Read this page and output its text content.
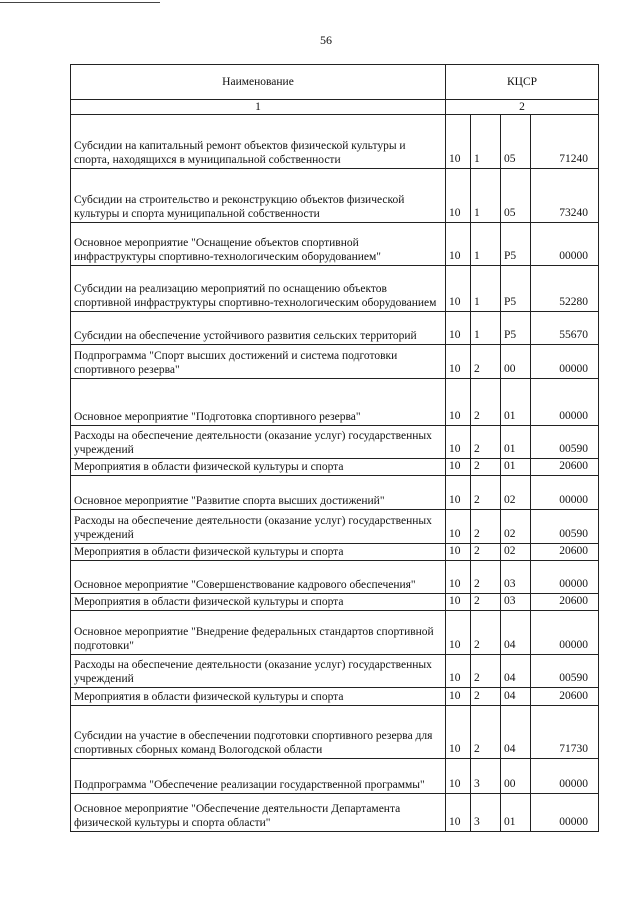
56
Наименование	КЦСР			
1	2			
Субсидии на капитальный ремонт объектов физической культуры и спорта, находящихся в муниципальной собственности	10	1	05	71240
Субсидии на строительство и реконструкцию объектов физической культуры и спорта муниципальной собственности	10	1	05	73240
Основное мероприятие "Оснащение объектов спортивной инфраструктуры спортивно-технологическим оборудованием"	10	1	Р5	00000
Субсидии на реализацию мероприятий по оснащению объектов спортивной инфраструктуры спортивно-технологическим оборудованием	10	1	Р5	52280
Субсидии на обеспечение устойчивого развития сельских территорий	10	1	Р5	55670
Подпрограмма "Спорт высших достижений и система подготовки спортивного резерва"	10	2	00	00000
Основное мероприятие "Подготовка спортивного резерва"	10	2	01	00000
Расходы на обеспечение деятельности (оказание услуг) государственных учреждений	10	2	01	00590
Мероприятия в области физической культуры и спорта	10	2	01	20600
Основное мероприятие "Развитие спорта высших достижений"	10	2	02	00000
Расходы на обеспечение деятельности (оказание услуг) государственных учреждений	10	2	02	00590
Мероприятия в области физической культуры и спорта	10	2	02	20600
Основное мероприятие "Совершенствование кадрового обеспечения"	10	2	03	00000
Мероприятия в области физической культуры и спорта	10	2	03	20600
Основное мероприятие "Внедрение федеральных стандартов спортивной подготовки"	10	2	04	00000
Расходы на обеспечение деятельности (оказание услуг) государственных учреждений	10	2	04	00590
Мероприятия в области физической культуры и спорта	10	2	04	20600
Субсидии на участие в обеспечении подготовки спортивного резерва для спортивных сборных команд Вологодской области	10	2	04	71730
Подпрограмма "Обеспечение реализации государственной программы"	10	3	00	00000
Основное мероприятие "Обеспечение деятельности Департамента физической культуры и спорта области"	10	3	01	00000
